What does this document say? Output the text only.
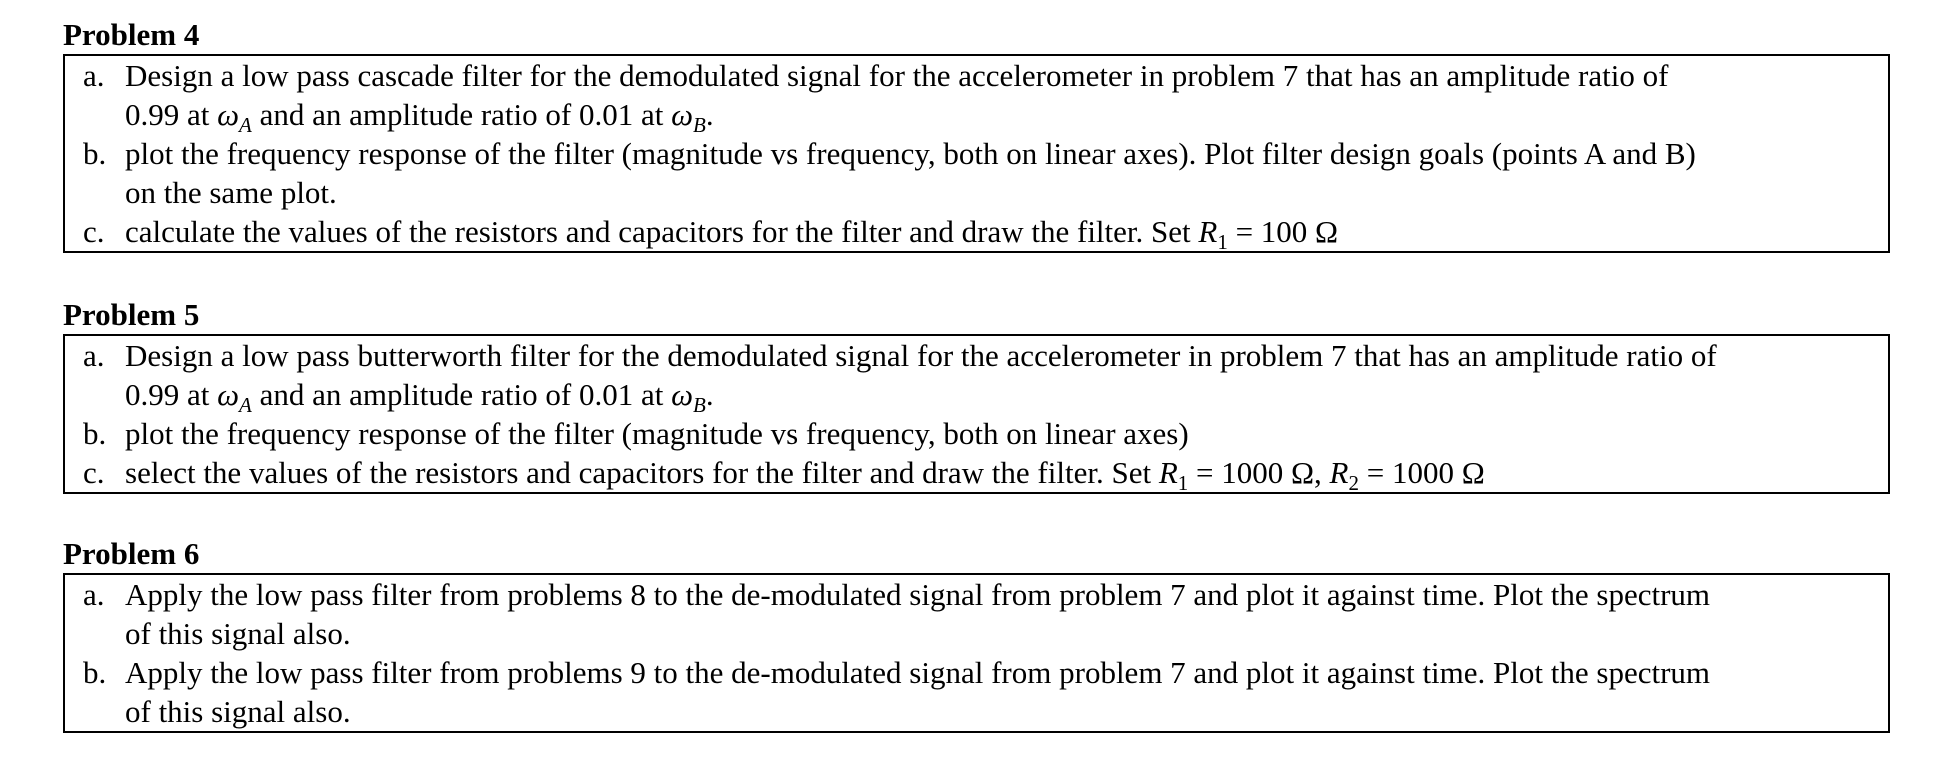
Problem 4
a. Design a low pass cascade filter for the demodulated signal for the accelerometer in problem 7 that has an amplitude ratio of
0.99 at $\omega_A$ and an amplitude ratio of 0.01 at $\omega_B$.
b. plot the frequency response of the filter (magnitude vs frequency, both on linear axes). Plot filter design goals (points A and B)
on the same plot.
c. calculate the values of the resistors and capacitors for the filter and draw the filter. Set $R_1 = 100$ Ω
Problem 5
a. Design a low pass butterworth filter for the demodulated signal for the accelerometer in problem 7 that has an amplitude ratio of
0.99 at $\omega_A$ and an amplitude ratio of 0.01 at $\omega_B$.
b. plot the frequency response of the filter (magnitude vs frequency, both on linear axes)
c. select the values of the resistors and capacitors for the filter and draw the filter. Set $R_1 = 1000$ Ω, $R_2 = 1000$ Ω
Problem 6
a. Apply the low pass filter from problems 8 to the de-modulated signal from problem 7 and plot it against time. Plot the spectrum
of this signal also.
b. Apply the low pass filter from problems 9 to the de-modulated signal from problem 7 and plot it against time. Plot the spectrum
of this signal also.
